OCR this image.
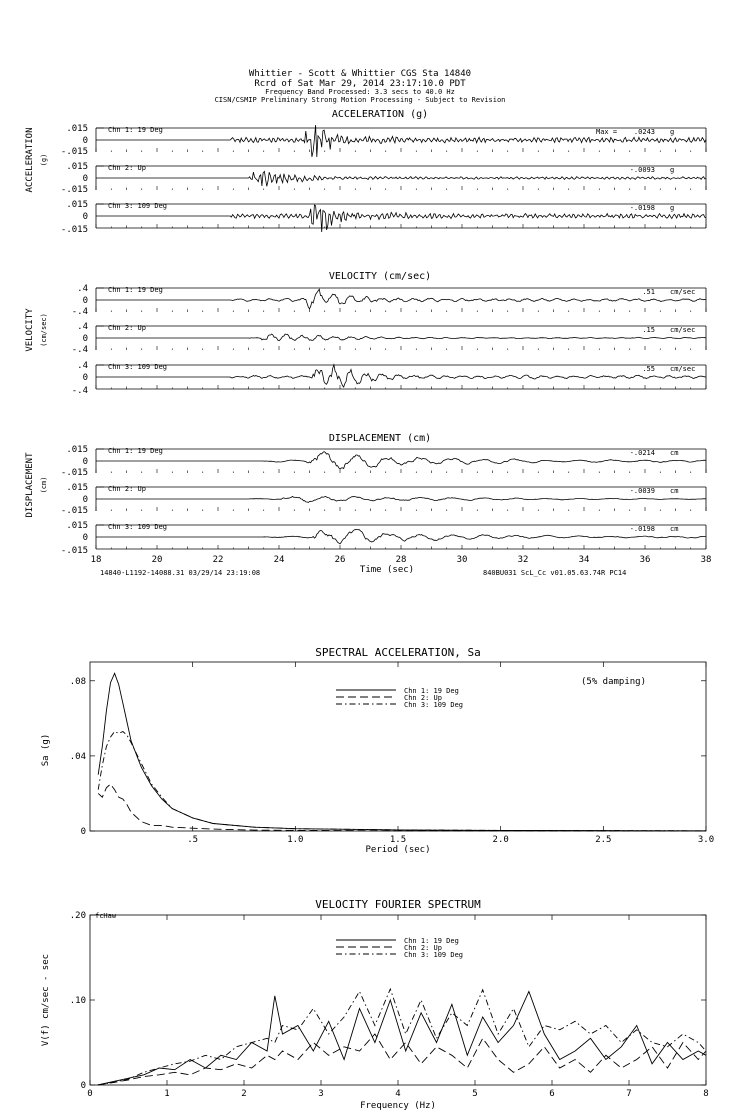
Whittier - Scott & Whittier CGS Sta 14840
Rcrd of Sat Mar 29, 2014 23:17:10.0 PDT
Frequency Band Processed: 3.3 secs to 40.0 Hz
CISN/CSMIP Preliminary Strong Motion Processing - Subject to Revision
ACCELERATION (g)
ACCELERATION (g)
.015
0
-.015
Chn 1: 19 Deg	Max = .0243 g
.015
0
-.015
Chn 2: Up	-.0093 g
.015
0
-.015
Chn 3: 109 Deg	-.0198 g
VELOCITY (cm/sec)
VELOCITY (cm/sec)
.4
0
-.4
Chn 1: 19 Deg	.51 cm/sec
.4
0
-.4
Chn 2: Up	.15 cm/sec
.4
0
-.4
Chn 3: 109 Deg	.55 cm/sec
DISPLACEMENT (cm)
DISPLACEMENT (cm)
.015
0
-.015
Chn 1: 19 Deg	-.0214 cm
.015
0
-.015
Chn 2: Up	-.0039 cm
.015
0
-.015
Chn 3: 109 Deg	-.0198 cm
18	20	22	24	26	28	30	32	34	36	38
Time (sec)
14840-L1192-14088.31 03/29/14 23:19:08	840BU031 ScL_Cc v01.05.63.74R PC14
SPECTRAL ACCELERATION, Sa
(5% damping)
Sa (g)
Period (sec)
.5	1.0	1.5	2.0	2.5	3.0
0
.04
.08
Chn 1: 19 Deg
Chn 2: Up
Chn 3: 109 Deg
VELOCITY FOURIER SPECTRUM
fcHaw
V(f) cm/sec - sec
Frequency (Hz)
0	1	2	3	4	5	6	7	8
0
.10
.20
Chn 1: 19 Deg
Chn 2: Up
Chn 3: 109 Deg
